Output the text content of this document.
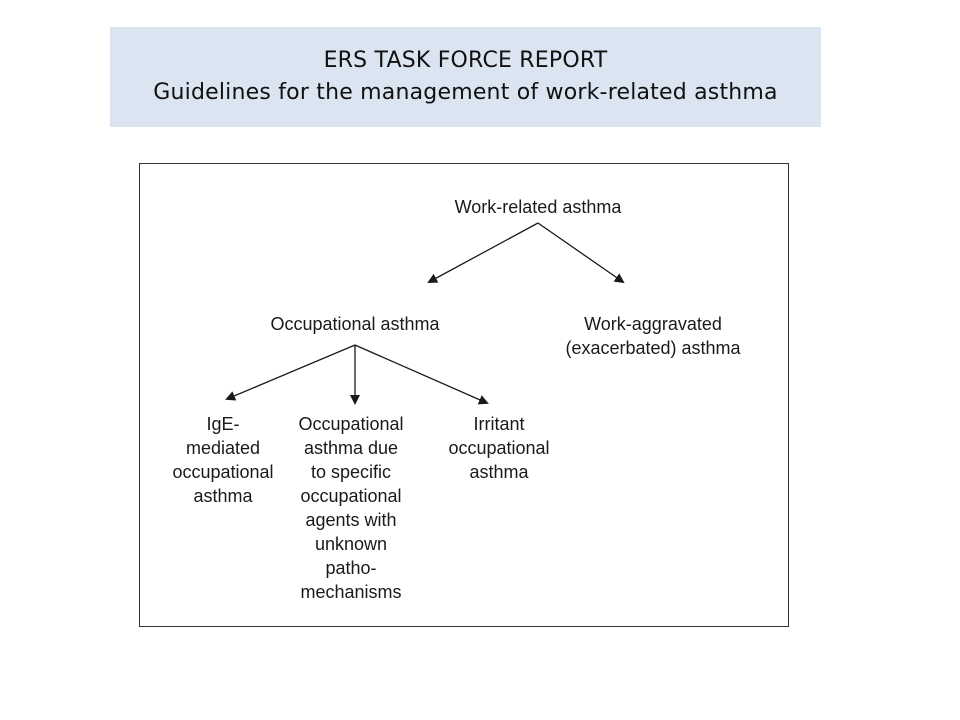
ERS TASK FORCE REPORT
Guidelines for the management of work-related asthma
Work-related asthma
Occupational asthma	Work-aggravated
(exacerbated) asthma
IgE-
mediated
occupational
asthma
Occupational
asthma due
to specific
occupational
agents with
unknown
patho-
mechanisms
Irritant
occupational
asthma
